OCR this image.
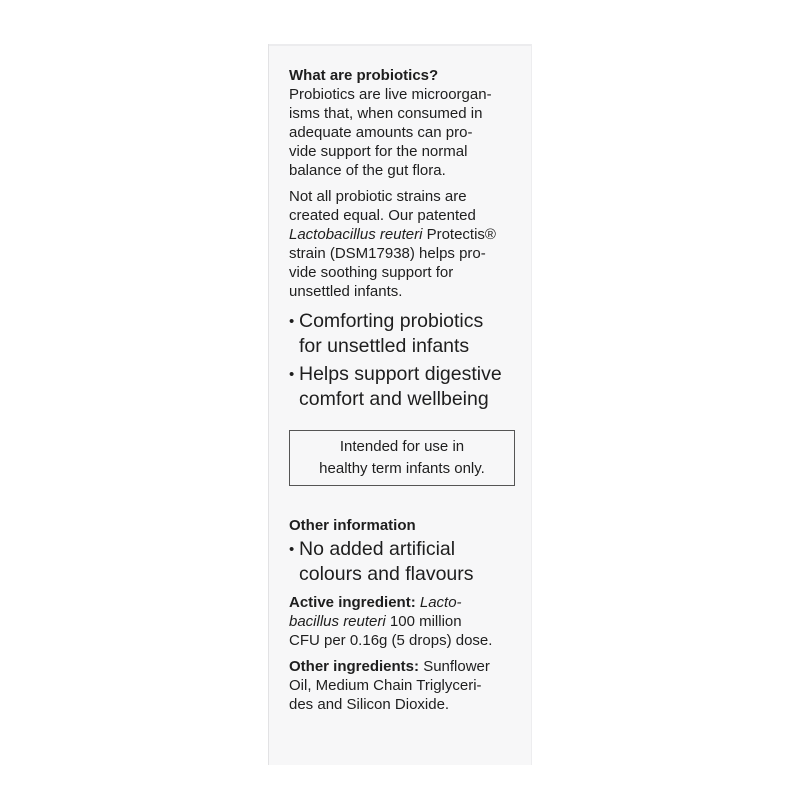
What are probiotics?

Probiotics are live microorgan-
isms that, when consumed in
adequate amounts can pro-
vide support for the normal
balance of the gut flora.

Not all probiotic strains are
created equal. Our patented
Lactobacillus reuteri Protectis®
strain (DSM17938) helps pro-
vide soothing support for
unsettled infants.

• Comforting probiotics
for unsettled infants
• Helps support digestive
comfort and wellbeing
Intended for use in
healthy term infants only.

Other information

• No added artificial
colours and flavours

Active ingredient: Lacto-
bacillus reuteri 100 million
CFU per 0.16g (5 drops) dose.

Other ingredients: Sunflower
Oil, Medium Chain Triglyceri-
des and Silicon Dioxide.
